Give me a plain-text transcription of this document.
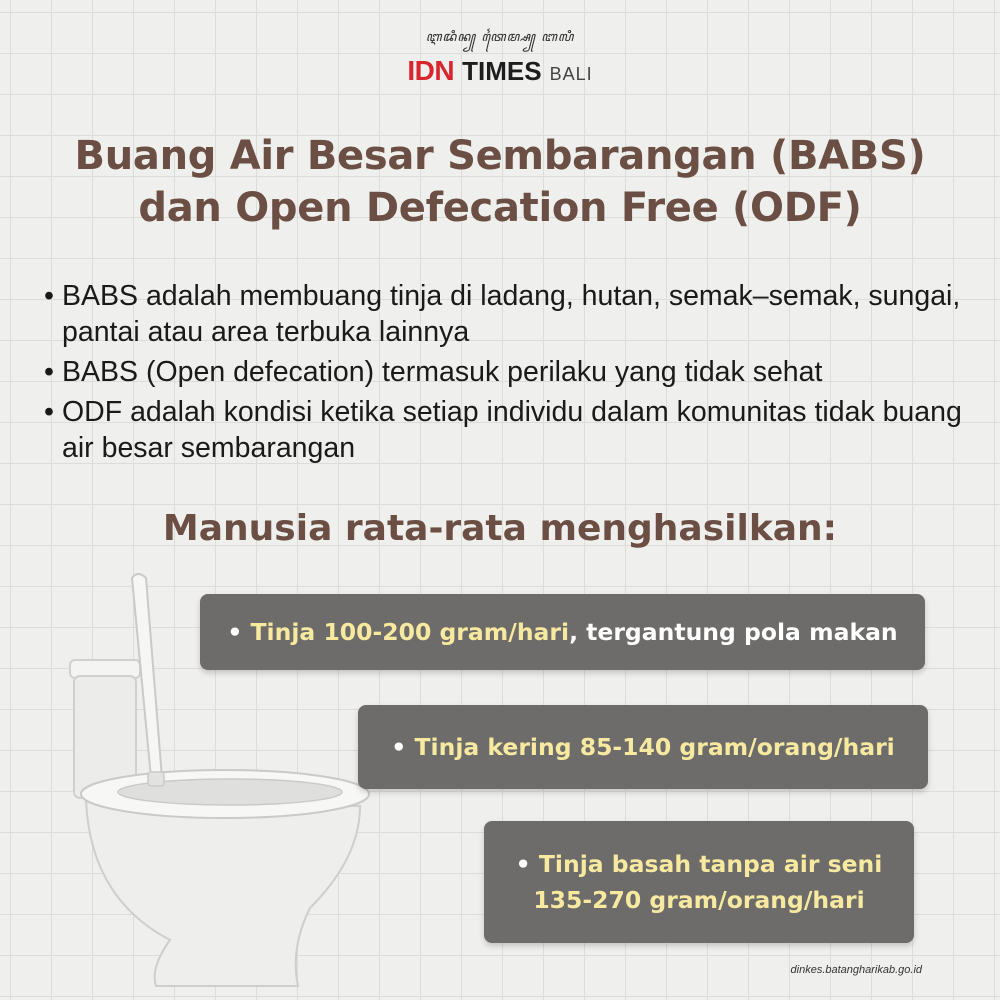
ꦆꦢꦶꦤ꧀ ꦠꦻꦩ꧀ꦱ꧀ ꦧꦭꦶ
IDN TIMES BALI
Buang Air Besar Sembarangan (BABS)
dan Open Defecation Free (ODF)
• BABS adalah membuang tinja di ladang, hutan, semak–semak, sungai, pantai atau area terbuka lainnya
• BABS (Open defecation) termasuk perilaku yang tidak sehat
• ODF adalah kondisi ketika setiap individu dalam komunitas tidak buang air besar sembarangan
Manusia rata-rata menghasilkan:
• Tinja 100-200 gram/hari, tergantung pola makan
• Tinja kering 85-140 gram/orang/hari
• Tinja basah tanpa air seni
135-270 gram/orang/hari
dinkes.batangharikab.go.id
